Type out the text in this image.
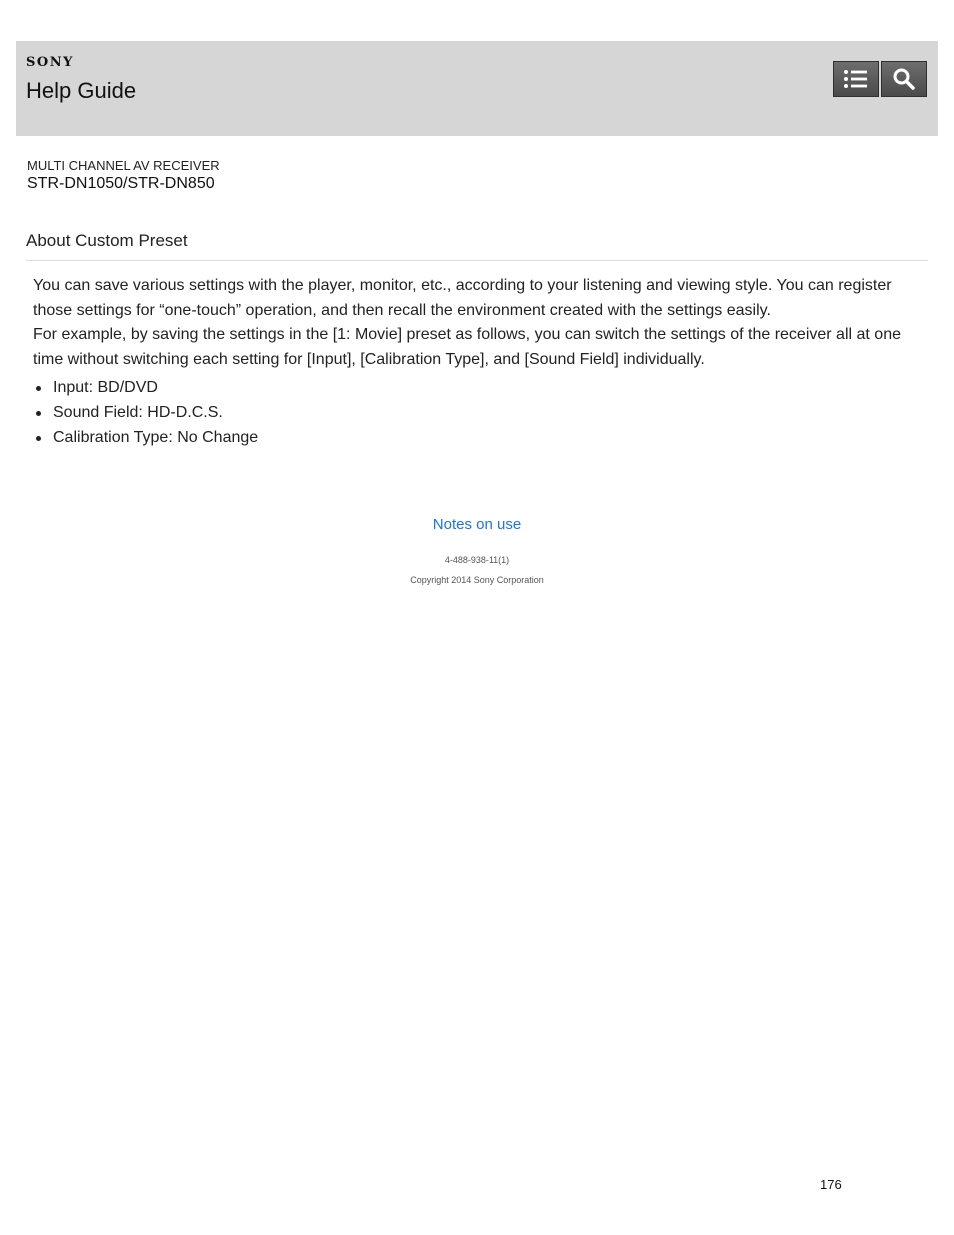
SONY
Help Guide
MULTI CHANNEL AV RECEIVER
STR-DN1050/STR-DN850
About Custom Preset

You can save various settings with the player, monitor, etc., according to your listening and viewing style. You can register those settings for “one-touch” operation, and then recall the environment created with the settings easily.

For example, by saving the settings in the [1: Movie] preset as follows, you can switch the settings of the receiver all at one time without switching each setting for [Input], [Calibration Type], and [Sound Field] individually.

Input: BD/DVD
Sound Field: HD-D.C.S.
Calibration Type: No Change
Notes on use
4-488-938-11(1)
Copyright 2014 Sony Corporation
176
